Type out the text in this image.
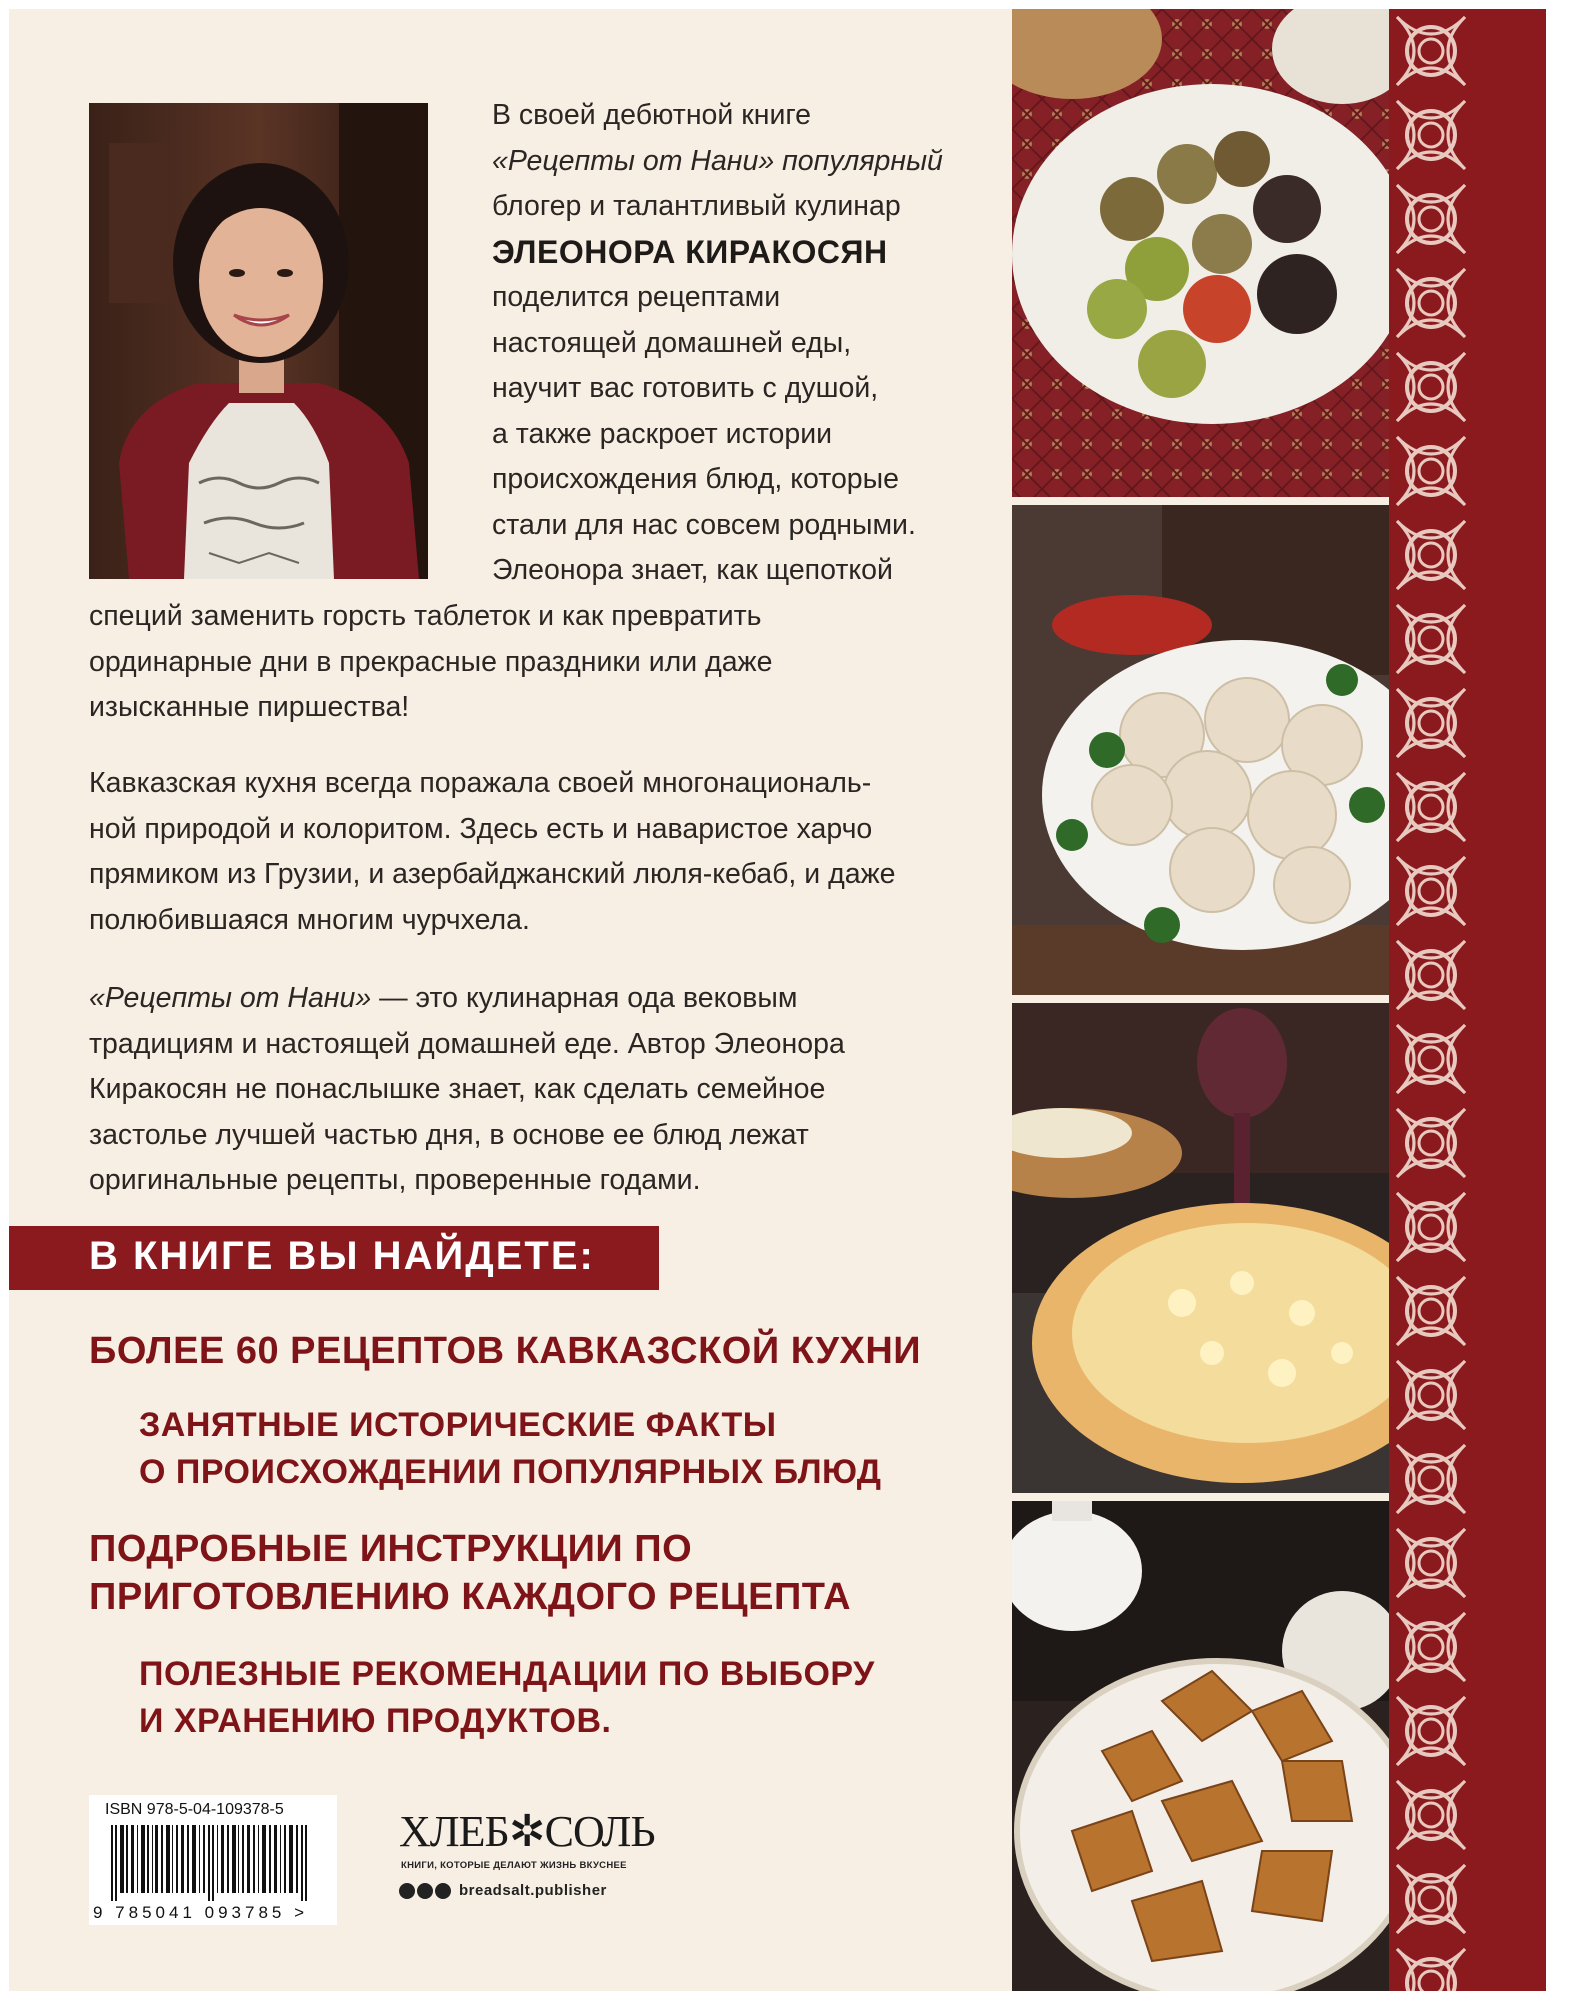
В своей дебютной книге
«Рецепты от Нани» популярный
блогер и талантливый кулинар
ЭЛЕОНОРА КИРАКОСЯН
поделится рецептами
настоящей домашней еды,
научит вас готовить с душой,
а также раскроет истории
происхождения блюд, которые
стали для нас совсем родными.
Элеонора знает, как щепоткой
специй заменить горсть таблеток и как превратить
ординарные дни в прекрасные праздники или даже
изысканные пиршества!
Кавказская кухня всегда поражала своей многонациональ-
ной природой и колоритом. Здесь есть и наваристое харчо
прямиком из Грузии, и азербайджанский люля-кебаб, и даже
полюбившаяся многим чурчхела.
«Рецепты от Нани» — это кулинарная ода вековым
традициям и настоящей домашней еде. Автор Элеонора
Киракосян не понаслышке знает, как сделать семейное
застолье лучшей частью дня, в основе ее блюд лежат
оригинальные рецепты, проверенные годами.
В КНИГЕ ВЫ НАЙДЕТЕ:
БОЛЕЕ 60 РЕЦЕПТОВ КАВКАЗСКОЙ КУХНИ
ЗАНЯТНЫЕ ИСТОРИЧЕСКИЕ ФАКТЫ
О ПРОИСХОЖДЕНИИ ПОПУЛЯРНЫХ БЛЮД
ПОДРОБНЫЕ ИНСТРУКЦИИ ПО
ПРИГОТОВЛЕНИЮ КАЖДОГО РЕЦЕПТА
ПОЛЕЗНЫЕ РЕКОМЕНДАЦИИ ПО ВЫБОРУ
И ХРАНЕНИЮ ПРОДУКТОВ.
ISBN 978-5-04-109378-5
9 785041 093785 >
ХЛЕБ✲СОЛЬ
КНИГИ, КОТОРЫЕ ДЕЛАЮТ ЖИЗНЬ ВКУСНЕЕ
breadsalt.publisher
